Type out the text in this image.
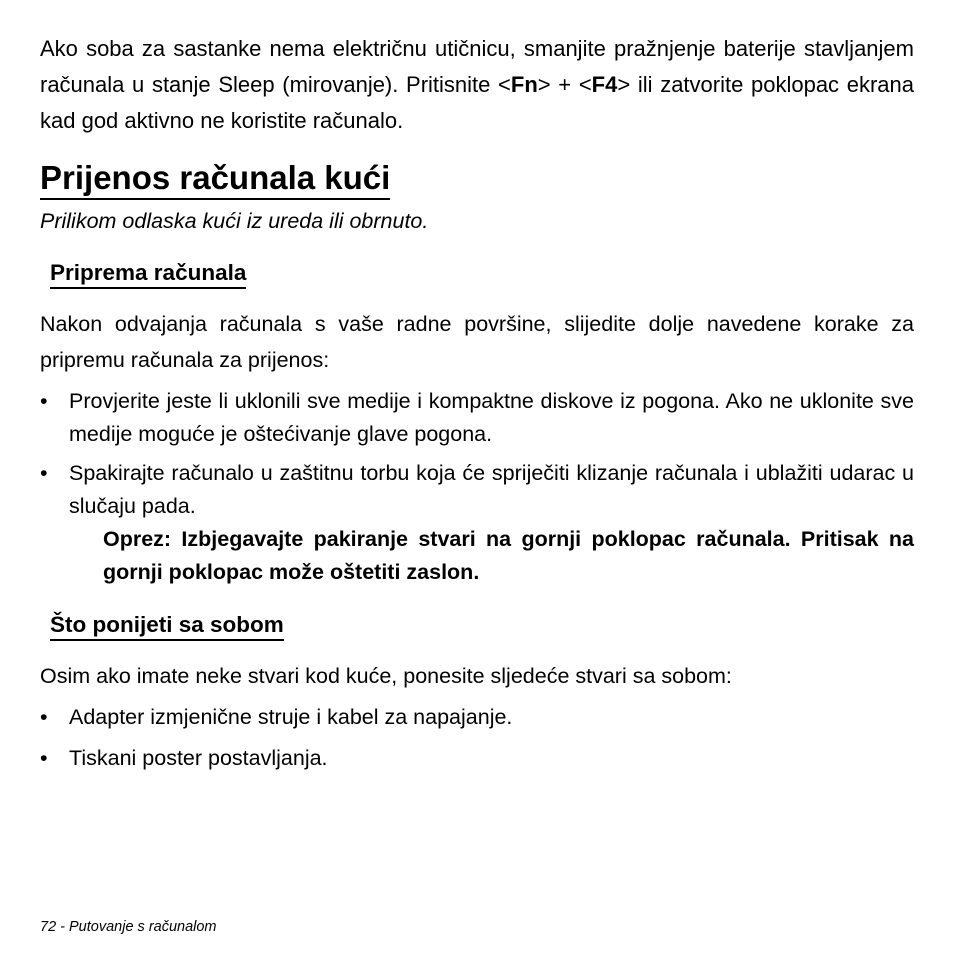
Ako soba za sastanke nema električnu utičnicu, smanjite pražnjenje baterije stavljanjem računala u stanje Sleep (mirovanje). Pritisnite <Fn> + <F4> ili zatvorite poklopac ekrana kad god aktivno ne koristite računalo.

Prijenos računala kući

Prilikom odlaska kući iz ureda ili obrnuto.

Priprema računala

Nakon odvajanja računala s vaše radne površine, slijedite dolje navedene korake za pripremu računala za prijenos:

• Provjerite jeste li uklonili sve medije i kompaktne diskove iz pogona. Ako ne uklonite sve medije moguće je oštećivanje glave pogona.
• Spakirajte računalo u zaštitnu torbu koja će spriječiti klizanje računala i ublažiti udarac u slučaju pada.

Oprez: Izbjegavajte pakiranje stvari na gornji poklopac računala. Pritisak na gornji poklopac može oštetiti zaslon.

Što ponijeti sa sobom

Osim ako imate neke stvari kod kuće, ponesite sljedeće stvari sa sobom:

• Adapter izmjenične struje i kabel za napajanje.
• Tiskani poster postavljanja.
72 - Putovanje s računalom
